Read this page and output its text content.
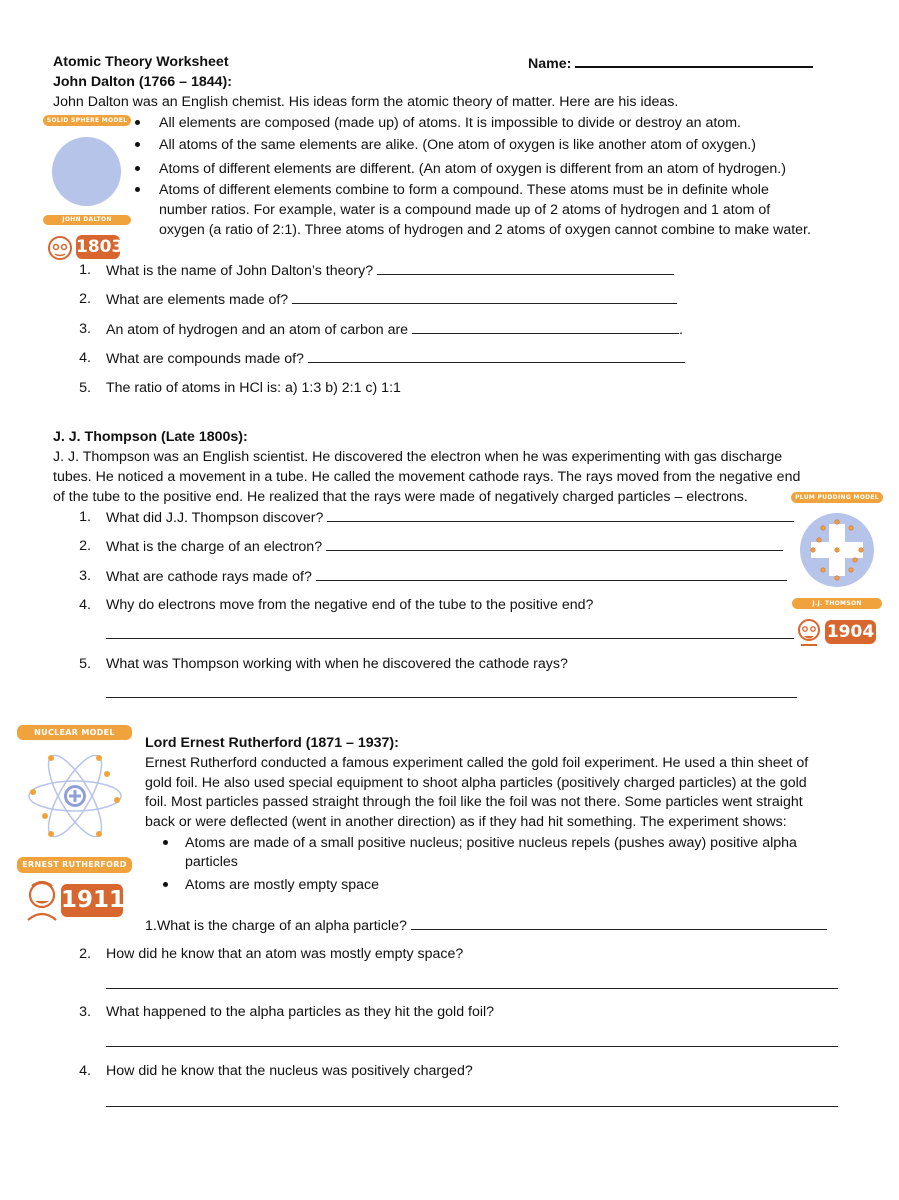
Atomic Theory Worksheet	Name:
John Dalton (1766 – 1844):
John Dalton was an English chemist. His ideas form the atomic theory of matter. Here are his ideas.
SOLID SPHERE MODEL
JOHN DALTON
1803
All elements are composed (made up) of atoms. It is impossible to divide or destroy an atom.
All atoms of the same elements are alike. (One atom of oxygen is like another atom of oxygen.)
Atoms of different elements are different. (An atom of oxygen is different from an atom of hydrogen.)
Atoms of different elements combine to form a compound. These atoms must be in definite whole
number ratios. For example, water is a compound made up of 2 atoms of hydrogen and 1 atom of
oxygen (a ratio of 2:1). Three atoms of hydrogen and 2 atoms of oxygen cannot combine to make water.
1. What is the name of John Dalton’s theory?
2. What are elements made of?
3. An atom of hydrogen and an atom of carbon are	.
4. What are compounds made of?
5. The ratio of atoms in HCl is: a) 1:3 b) 2:1 c) 1:1
J. J. Thompson (Late 1800s):
J. J. Thompson was an English scientist. He discovered the electron when he was experimenting with gas discharge
tubes. He noticed a movement in a tube. He called the movement cathode rays. The rays moved from the negative end
of the tube to the positive end. He realized that the rays were made of negatively charged particles – electrons.	PLUM PUDDING MODEL
J.J. THOMSON
1904
1. What did J.J. Thompson discover?
2. What is the charge of an electron?
3. What are cathode rays made of?
4. Why do electrons move from the negative end of the tube to the positive end?
5. What was Thompson working with when he discovered the cathode rays?
NUCLEAR MODEL
ERNEST RUTHERFORD
1911
Lord Ernest Rutherford (1871 – 1937):
Ernest Rutherford conducted a famous experiment called the gold foil experiment. He used a thin sheet of
gold foil. He also used special equipment to shoot alpha particles (positively charged particles) at the gold
foil. Most particles passed straight through the foil like the foil was not there. Some particles went straight
back or were deflected (went in another direction) as if they had hit something. The experiment shows:
Atoms are made of a small positive nucleus; positive nucleus repels (pushes away) positive alpha
particles
Atoms are mostly empty space
1.What is the charge of an alpha particle?
2. How did he know that an atom was mostly empty space?
3. What happened to the alpha particles as they hit the gold foil?
4. How did he know that the nucleus was positively charged?
